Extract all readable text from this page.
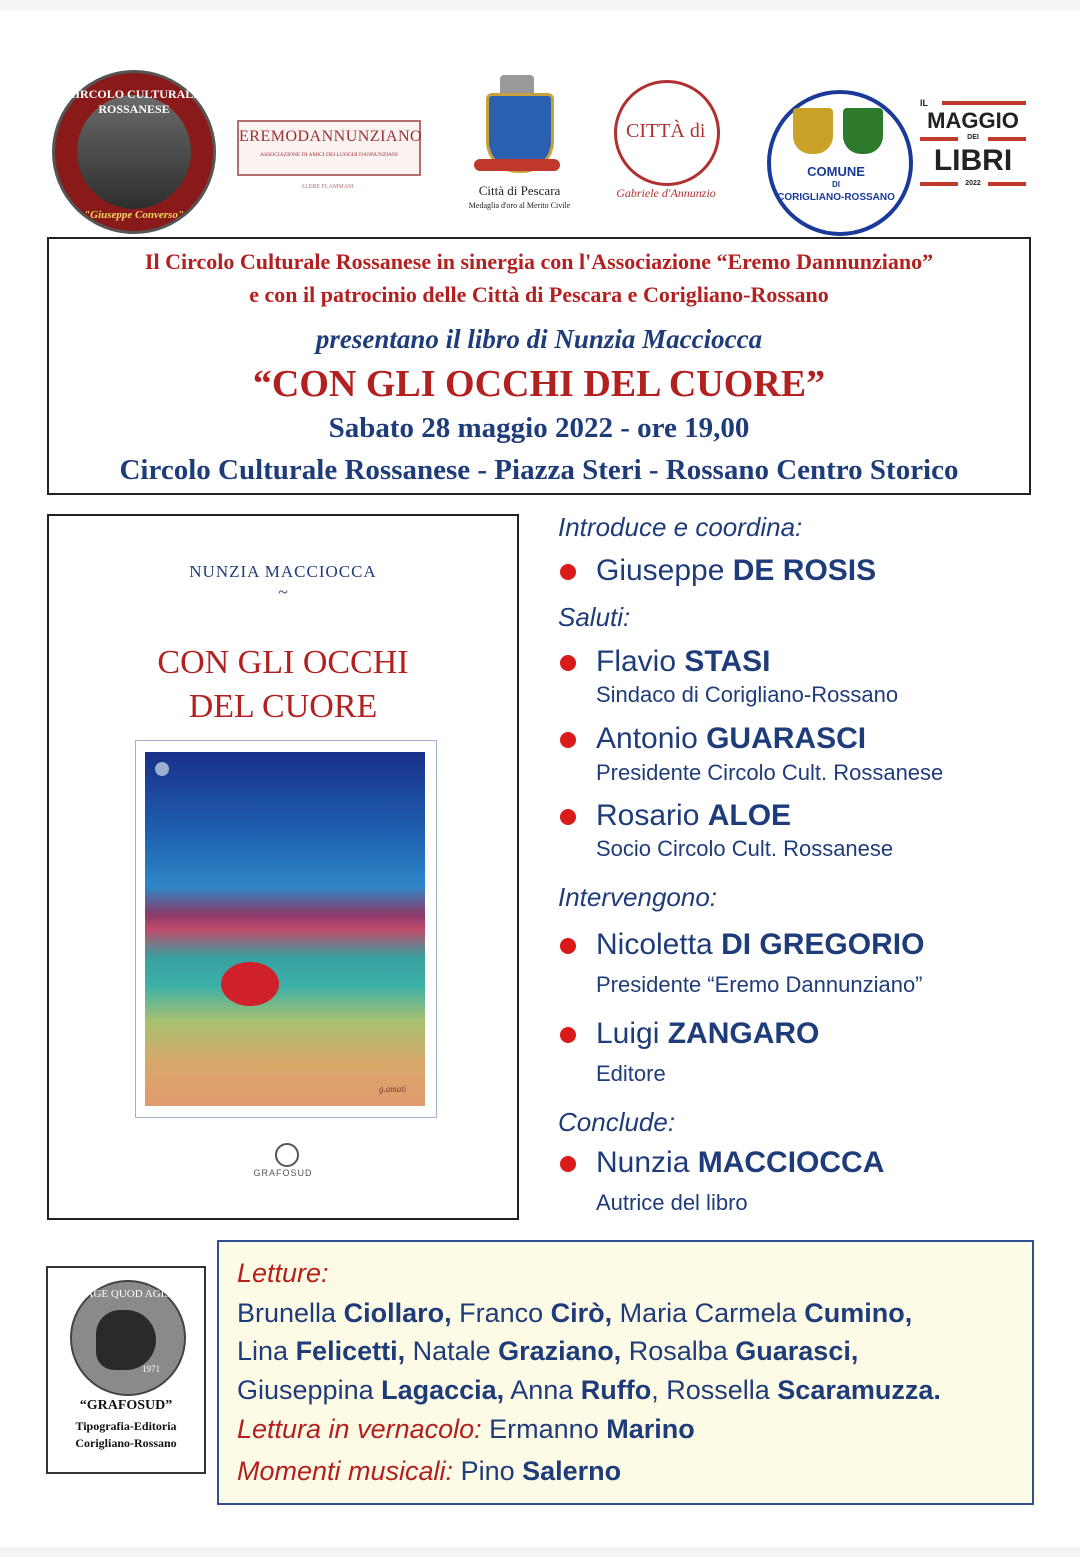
CIRCOLO CULTURALE ROSSANESE
"Giuseppe Converso"
EREMODANNUNZIANO
ASSOCIAZIONE DI AMICI DEI LUOGHI DANNUNZIANI
ALERE FLAMMAM	Città di Pescara
Medaglia d'oro al Merito Civile
CITTÀ di
Gabriele d'Annunzio
COMUNE
DI
CORIGLIANO-ROSSANO
IL
MAGGIO
DEI
LIBRI
2022
Il Circolo Culturale Rossanese in sinergia con l'Associazione “Eremo Dannunziano”
e con il patrocinio delle Città di Pescara e Corigliano-Rossano
presentano il libro di Nunzia Macciocca
“CON GLI OCCHI DEL CUORE”
Sabato 28 maggio 2022 - ore 19,00
Circolo Culturale Rossanese - Piazza Steri - Rossano Centro Storico
NUNZIA MACCIOCCA
~
CON GLI OCCHI
DEL CUORE
g.amati
GRAFOSUD
Introduce e coordina:
Giuseppe DE ROSIS
Saluti:
Flavio STASI
Sindaco di Corigliano-Rossano
Antonio GUARASCI
Presidente Circolo Cult. Rossanese
Rosario ALOE
Socio Circolo Cult. Rossanese
Intervengono:
Nicoletta DI GREGORIO
Presidente “Eremo Dannunziano”
Luigi ZANGARO
Editore
Conclude:
Nunzia MACCIOCCA
Autrice del libro
AGE QUOD AGIS
1971
“GRAFOSUD”
Tipografia-Editoria
Corigliano-Rossano
Letture:
Brunella Ciollaro, Franco Cirò, Maria Carmela Cumino,
Lina Felicetti, Natale Graziano, Rosalba Guarasci,
Giuseppina Lagaccia, Anna Ruffo, Rossella Scaramuzza.
Lettura in vernacolo: Ermanno Marino
Momenti musicali: Pino Salerno
